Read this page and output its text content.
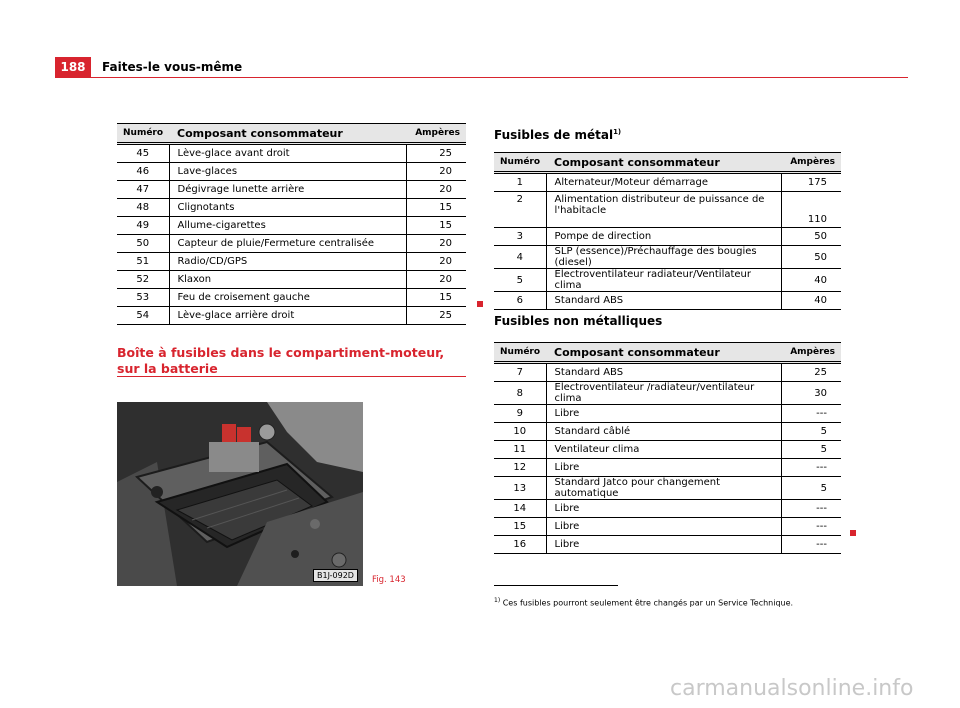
188	Faites-le vous-même
Numéro	Composant consommateur	Ampères
45	Lève-glace avant droit	25
46	Lave-glaces	20
47	Dégivrage lunette arrière	20
48	Clignotants	15
49	Allume-cigarettes	15
50	Capteur de pluie/Fermeture centralisée	20
51	Radio/CD/GPS	20
52	Klaxon	20
53	Feu de croisement gauche	15
54	Lève-glace arrière droit	25
Boîte à fusibles dans le compartiment-moteur,
sur la batterie
B1J-092D	Fig. 143
Fusibles de métal$^{1)}$
Numéro	Composant consommateur	Ampères
1	Alternateur/Moteur démarrage	175
2	Alimentation distributeur de puissance de l'habitacle	110
3	Pompe de direction	50
4	SLP (essence)/Préchauffage des bougies (diesel)	50
5	Electroventilateur radiateur/Ventilateur clima	40
6	Standard ABS	40
Fusibles non métalliques
Numéro	Composant consommateur	Ampères
7	Standard ABS	25
8	Electroventilateur /radiateur/ventilateur clima	30
9	Libre	---
10	Standard câblé	5
11	Ventilateur clima	5
12	Libre	---
13	Standard Jatco pour changement automatique	5
14	Libre	---
15	Libre	---
16	Libre	---
$^{1)}$ Ces fusibles pourront seulement être changés par un Service Technique.
carmanualsonline.info
